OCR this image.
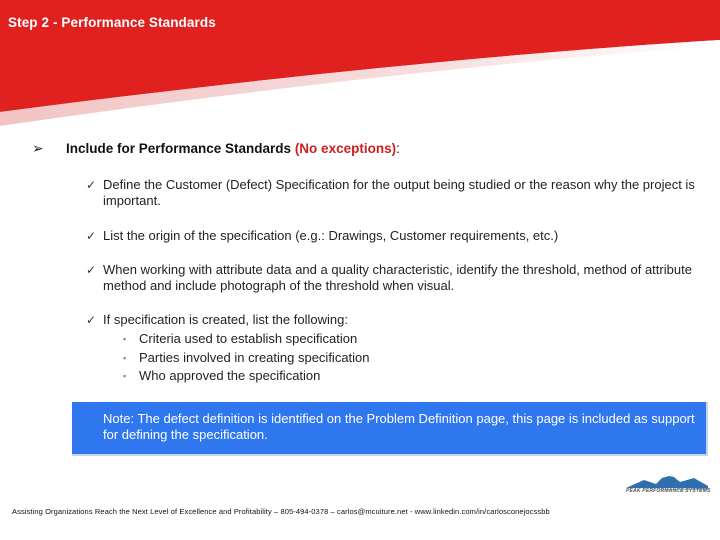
Step 2 - Performance Standards
➢ Include for Performance Standards (No exceptions):
✓ Define the Customer (Defect) Specification for the output being studied or the reason why the project is important.
✓ List the origin of the specification (e.g.: Drawings, Customer requirements, etc.)
✓ When working with attribute data and a quality characteristic, identify the threshold, method of attribute method and include photograph of the threshold when visual.
✓ If specification is created, list the following:
▪ Criteria used to establish specification
▪ Parties involved in creating specification
▪ Who approved the specification
Note: The defect definition is identified on the Problem Definition page, this page is included as support for defining the specification.
PEAK PERFORMANCE SYSTEMS
Assisting Organizations Reach the Next Level of Excellence and Profitability – 805-494-0378 – carlos@mcuiture.net - www.linkedin.com/in/carlosconejocssbb
